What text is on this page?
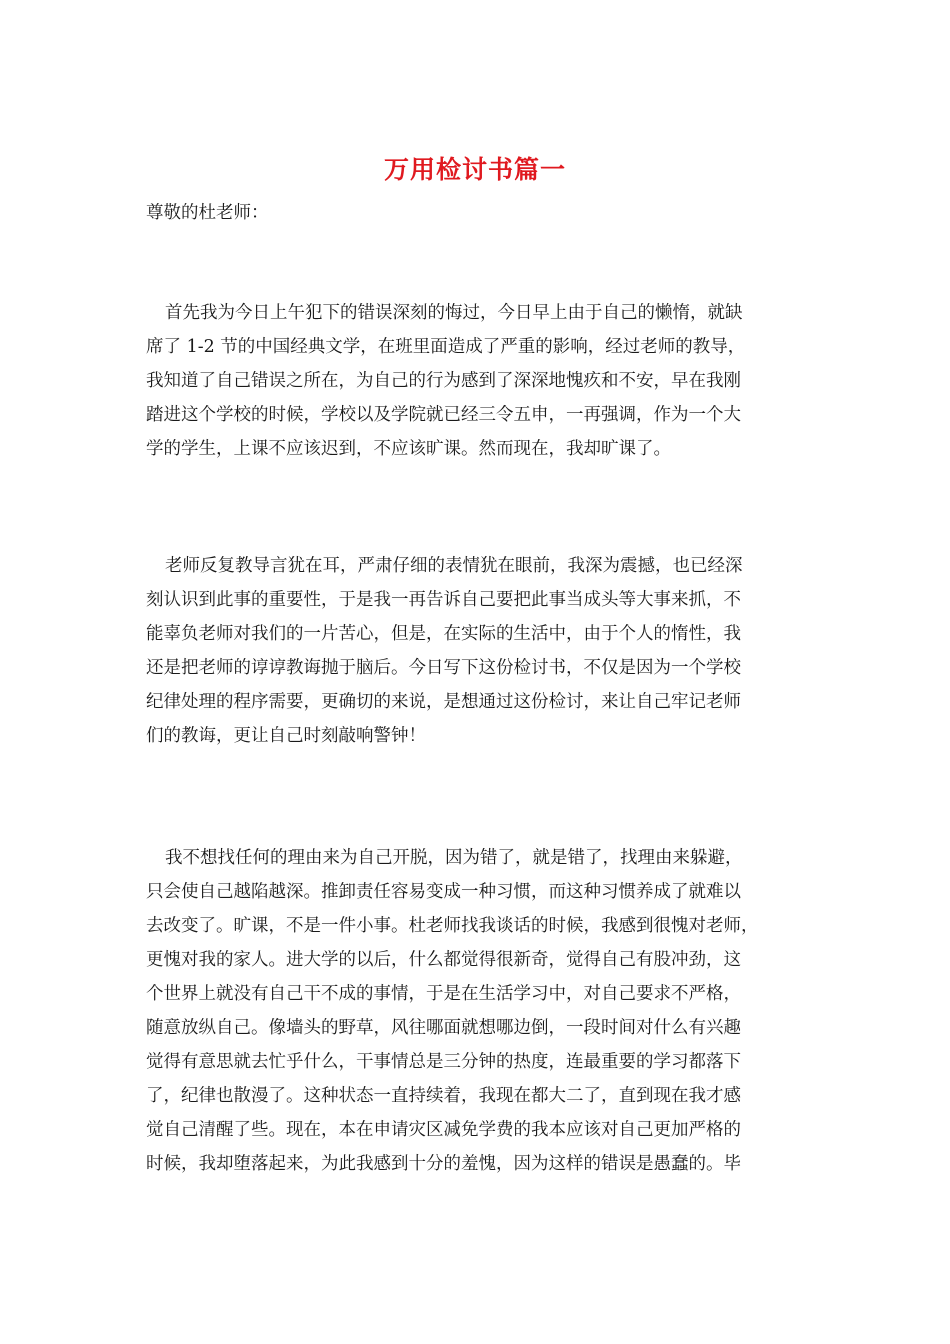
万用检讨书篇一
尊敬的杜老师：
首先我为今日上午犯下的错误深刻的悔过，今日早上由于自己的懒惰，就缺
席了 1-2 节的中国经典文学，在班里面造成了严重的影响，经过老师的教导，
我知道了自己错误之所在，为自己的行为感到了深深地愧疚和不安，早在我刚
踏进这个学校的时候，学校以及学院就已经三令五申，一再强调，作为一个大
学的学生，上课不应该迟到，不应该旷课。然而现在，我却旷课了。
老师反复教导言犹在耳，严肃仔细的表情犹在眼前，我深为震撼，也已经深
刻认识到此事的重要性，于是我一再告诉自己要把此事当成头等大事来抓，不
能辜负老师对我们的一片苦心，但是，在实际的生活中，由于个人的惰性，我
还是把老师的谆谆教诲抛于脑后。今日写下这份检讨书，不仅是因为一个学校
纪律处理的程序需要，更确切的来说，是想通过这份检讨，来让自己牢记老师
们的教诲，更让自己时刻敲响警钟！
我不想找任何的理由来为自己开脱，因为错了，就是错了，找理由来躲避，
只会使自己越陷越深。推卸责任容易变成一种习惯，而这种习惯养成了就难以
去改变了。旷课，不是一件小事。杜老师找我谈话的时候，我感到很愧对老师，
更愧对我的家人。进大学的以后，什么都觉得很新奇，觉得自己有股冲劲，这
个世界上就没有自己干不成的事情，于是在生活学习中，对自己要求不严格，
随意放纵自己。像墙头的野草，风往哪面就想哪边倒，一段时间对什么有兴趣
觉得有意思就去忙乎什么，干事情总是三分钟的热度，连最重要的学习都落下
了，纪律也散漫了。这种状态一直持续着，我现在都大二了，直到现在我才感
觉自己清醒了些。现在，本在申请灾区减免学费的我本应该对自己更加严格的
时候，我却堕落起来，为此我感到十分的羞愧，因为这样的错误是愚蠢的。毕
